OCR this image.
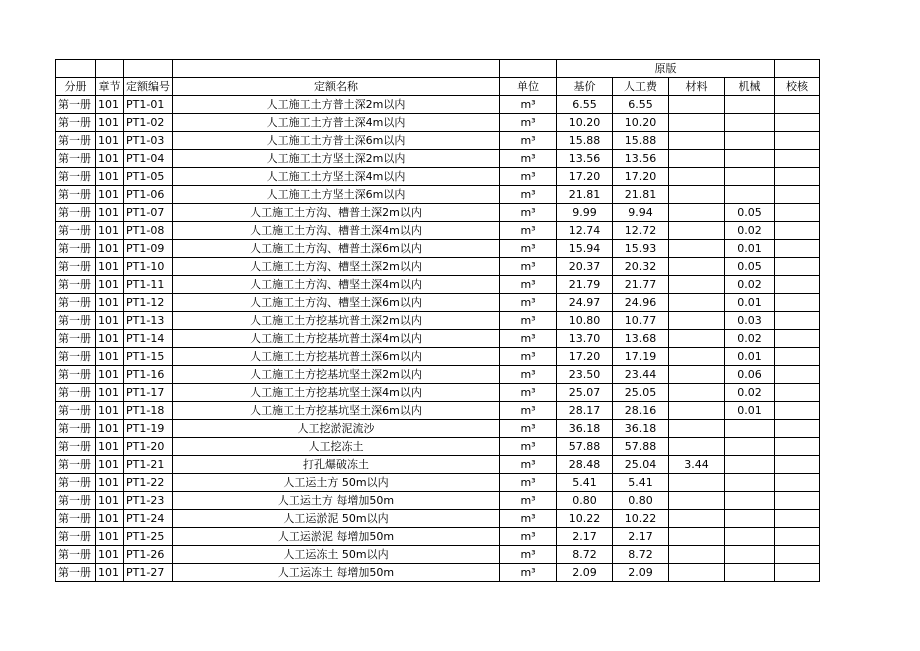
					原版				
分册	章节	定额编号	定额名称	单位	基价	人工费	材料	机械	校核
第一册	101	PT1-01	人工施工土方普土深2m以内	m³	6.55	6.55			
第一册	101	PT1-02	人工施工土方普土深4m以内	m³	10.20	10.20			
第一册	101	PT1-03	人工施工土方普土深6m以内	m³	15.88	15.88			
第一册	101	PT1-04	人工施工土方坚土深2m以内	m³	13.56	13.56			
第一册	101	PT1-05	人工施工土方坚土深4m以内	m³	17.20	17.20			
第一册	101	PT1-06	人工施工土方坚土深6m以内	m³	21.81	21.81			
第一册	101	PT1-07	人工施工土方沟、槽普土深2m以内	m³	9.99	9.94		0.05	
第一册	101	PT1-08	人工施工土方沟、槽普土深4m以内	m³	12.74	12.72		0.02	
第一册	101	PT1-09	人工施工土方沟、槽普土深6m以内	m³	15.94	15.93		0.01	
第一册	101	PT1-10	人工施工土方沟、槽坚土深2m以内	m³	20.37	20.32		0.05	
第一册	101	PT1-11	人工施工土方沟、槽坚土深4m以内	m³	21.79	21.77		0.02	
第一册	101	PT1-12	人工施工土方沟、槽坚土深6m以内	m³	24.97	24.96		0.01	
第一册	101	PT1-13	人工施工土方挖基坑普土深2m以内	m³	10.80	10.77		0.03	
第一册	101	PT1-14	人工施工土方挖基坑普土深4m以内	m³	13.70	13.68		0.02	
第一册	101	PT1-15	人工施工土方挖基坑普土深6m以内	m³	17.20	17.19		0.01	
第一册	101	PT1-16	人工施工土方挖基坑坚土深2m以内	m³	23.50	23.44		0.06	
第一册	101	PT1-17	人工施工土方挖基坑坚土深4m以内	m³	25.07	25.05		0.02	
第一册	101	PT1-18	人工施工土方挖基坑坚土深6m以内	m³	28.17	28.16		0.01	
第一册	101	PT1-19	人工挖淤泥流沙	m³	36.18	36.18			
第一册	101	PT1-20	人工挖冻土	m³	57.88	57.88			
第一册	101	PT1-21	打孔爆破冻土	m³	28.48	25.04	3.44		
第一册	101	PT1-22	人工运土方 50m以内	m³	5.41	5.41			
第一册	101	PT1-23	人工运土方 每增加50m	m³	0.80	0.80			
第一册	101	PT1-24	人工运淤泥 50m以内	m³	10.22	10.22			
第一册	101	PT1-25	人工运淤泥 每增加50m	m³	2.17	2.17			
第一册	101	PT1-26	人工运冻土 50m以内	m³	8.72	8.72			
第一册	101	PT1-27	人工运冻土 每增加50m	m³	2.09	2.09			
